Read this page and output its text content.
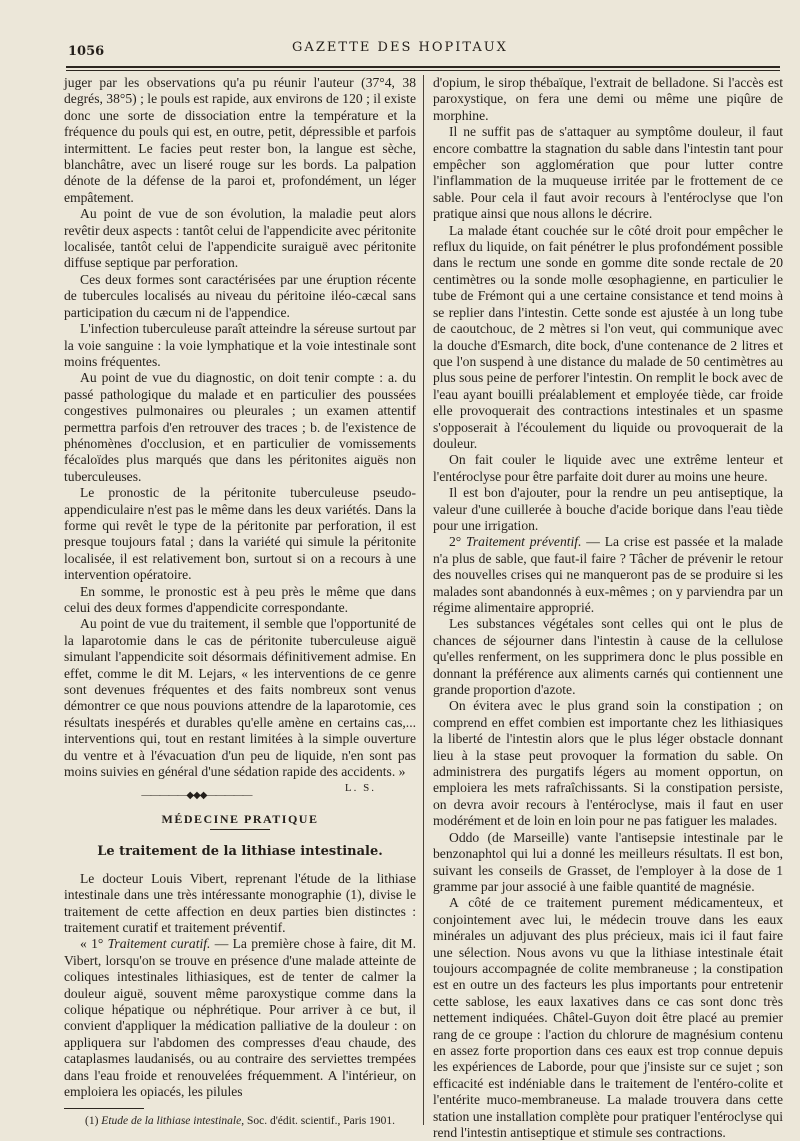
1056	GAZETTE DES HOPITAUX

juger par les observations qu'a pu réunir l'auteur (37°4, 38 degrés, 38°5) ; le pouls est rapide, aux environs de 120 ; il existe donc une sorte de dissociation entre la température et la fréquence du pouls qui est, en outre, petit, dépressible et parfois intermittent. Le facies peut rester bon, la langue est sèche, blanchâtre, avec un liseré rouge sur les bords. La palpation dénote de la défense de la paroi et, profondément, un léger empâtement.

Au point de vue de son évolution, la maladie peut alors revêtir deux aspects : tantôt celui de l'appendicite avec péritonite localisée, tantôt celui de l'appendicite suraiguë avec péritonite diffuse septique par perforation.

Ces deux formes sont caractérisées par une éruption récente de tubercules localisés au niveau du péritoine iléo-cæcal sans participation du cæcum ni de l'appendice.

L'infection tuberculeuse paraît atteindre la séreuse surtout par la voie sanguine : la voie lymphatique et la voie intestinale sont moins fréquentes.

Au point de vue du diagnostic, on doit tenir compte : a. du passé pathologique du malade et en particulier des poussées congestives pulmonaires ou pleurales ; un examen attentif permettra parfois d'en retrouver des traces ; b. de l'existence de phénomènes d'occlusion, et en particulier de vomissements fécaloïdes plus marqués que dans les péritonites aiguës non tuberculeuses.

Le pronostic de la péritonite tuberculeuse pseudo-appendiculaire n'est pas le même dans les deux variétés. Dans la forme qui revêt le type de la péritonite par perforation, il est presque toujours fatal ; dans la variété qui simule la péritonite localisée, il est relativement bon, surtout si on a recours à une intervention opératoire.

En somme, le pronostic est à peu près le même que dans celui des deux formes d'appendicite correspondante.

Au point de vue du traitement, il semble que l'opportunité de la laparotomie dans le cas de péritonite tuberculeuse aiguë simulant l'appendicite soit désormais définitivement admise. En effet, comme le dit M. Lejars, « les interventions de ce genre sont devenues fréquentes et des faits nombreux sont venus démontrer ce que nous pouvions attendre de la laparotomie, ces résultats inespérés et durables qu'elle amène en certains cas,... interventions qui, tout en restant limitées à la simple ouverture du ventre et à l'évacuation d'un peu de liquide, n'en sont pas moins suivies en général d'une sédation rapide des accidents. »
L. S.

—————◆◆◆—————
MÉDECINE PRATIQUE
Le traitement de la lithiase intestinale.

Le docteur Louis Vibert, reprenant l'étude de la lithiase intestinale dans une très intéressante monographie (1), divise le traitement de cette affection en deux parties bien distinctes : traitement curatif et traitement préventif.

« 1° Traitement curatif. — La première chose à faire, dit M. Vibert, lorsqu'on se trouve en présence d'une malade atteinte de coliques intestinales lithiasiques, est de tenter de calmer la douleur aiguë, souvent même paroxystique comme dans la colique hépatique ou néphrétique. Pour arriver à ce but, il convient d'appliquer la médication palliative de la douleur : on appliquera sur l'abdomen des compresses d'eau chaude, des cataplasmes laudanisés, ou au contraire des serviettes trempées dans l'eau froide et renouvelées fréquemment. A l'intérieur, on emploiera les opiacés, les pilules

(1) Etude de la lithiase intestinale, Soc. d'édit. scientif., Paris 1901.

d'opium, le sirop thébaïque, l'extrait de belladone. Si l'accès est paroxystique, on fera une demi ou même une piqûre de morphine.

Il ne suffit pas de s'attaquer au symptôme douleur, il faut encore combattre la stagnation du sable dans l'intestin tant pour empêcher son agglomération que pour lutter contre l'inflammation de la muqueuse irritée par le frottement de ce sable. Pour cela il faut avoir recours à l'entéroclyse que l'on pratique ainsi que nous allons le décrire.

La malade étant couchée sur le côté droit pour empêcher le reflux du liquide, on fait pénétrer le plus profondément possible dans le rectum une sonde en gomme dite sonde rectale de 20 centimètres ou la sonde molle œsophagienne, en particulier le tube de Frémont qui a une certaine consistance et tend moins à se replier dans l'intestin. Cette sonde est ajustée à un long tube de caoutchouc, de 2 mètres si l'on veut, qui communique avec la douche d'Esmarch, dite bock, d'une contenance de 2 litres et que l'on suspend à une distance du malade de 50 centimètres au plus sous peine de perforer l'intestin. On remplit le bock avec de l'eau ayant bouilli préalablement et employée tiède, car froide elle provoquerait des contractions intestinales et un spasme s'opposerait à l'écoulement du liquide ou provoquerait de la douleur.

On fait couler le liquide avec une extrême lenteur et l'entéroclyse pour être parfaite doit durer au moins une heure.

Il est bon d'ajouter, pour la rendre un peu antiseptique, la valeur d'une cuillerée à bouche d'acide borique dans l'eau tiède pour une irrigation.

2° Traitement préventif. — La crise est passée et la malade n'a plus de sable, que faut-il faire ? Tâcher de prévenir le retour des nouvelles crises qui ne manqueront pas de se produire si les malades sont abandonnés à eux-mêmes ; on y parviendra par un régime alimentaire approprié.

Les substances végétales sont celles qui ont le plus de chances de séjourner dans l'intestin à cause de la cellulose qu'elles renferment, on les supprimera donc le plus possible en donnant la préférence aux aliments carnés qui contiennent une grande proportion d'azote.

On évitera avec le plus grand soin la constipation ; on comprend en effet combien est importante chez les lithiasiques la liberté de l'intestin alors que le plus léger obstacle donnant lieu à la stase peut provoquer la formation du sable. On administrera des purgatifs légers au moment opportun, on emploiera les mets rafraîchissants. Si la constipation persiste, on devra avoir recours à l'entéroclyse, mais il faut en user modérément et de loin en loin pour ne pas fatiguer les malades.

Oddo (de Marseille) vante l'antisepsie intestinale par le benzonaphtol qui lui a donné les meilleurs résultats. Il est bon, suivant les conseils de Grasset, de l'employer à la dose de 1 gramme par jour associé à une faible quantité de magnésie.

A côté de ce traitement purement médicamenteux, et conjointement avec lui, le médecin trouve dans les eaux minérales un adjuvant des plus précieux, mais ici il faut faire une sélection. Nous avons vu que la lithiase intestinale était toujours accompagnée de colite membraneuse ; la constipation est en outre un des facteurs les plus importants pour entretenir cette sablose, les eaux laxatives dans ce cas sont donc très nettement indiquées. Châtel-Guyon doit être placé au premier rang de ce groupe : l'action du chlorure de magnésium contenu en assez forte proportion dans ces eaux est trop connue depuis les expériences de Laborde, pour que j'insiste sur ce sujet ; son efficacité est indéniable dans le traitement de l'entéro-colite et l'entérite muco-membraneuse. La malade trouvera dans cette station une installation complète pour pratiquer l'entéroclyse qui rend l'intestin antiseptique et stimule ses contractions.
